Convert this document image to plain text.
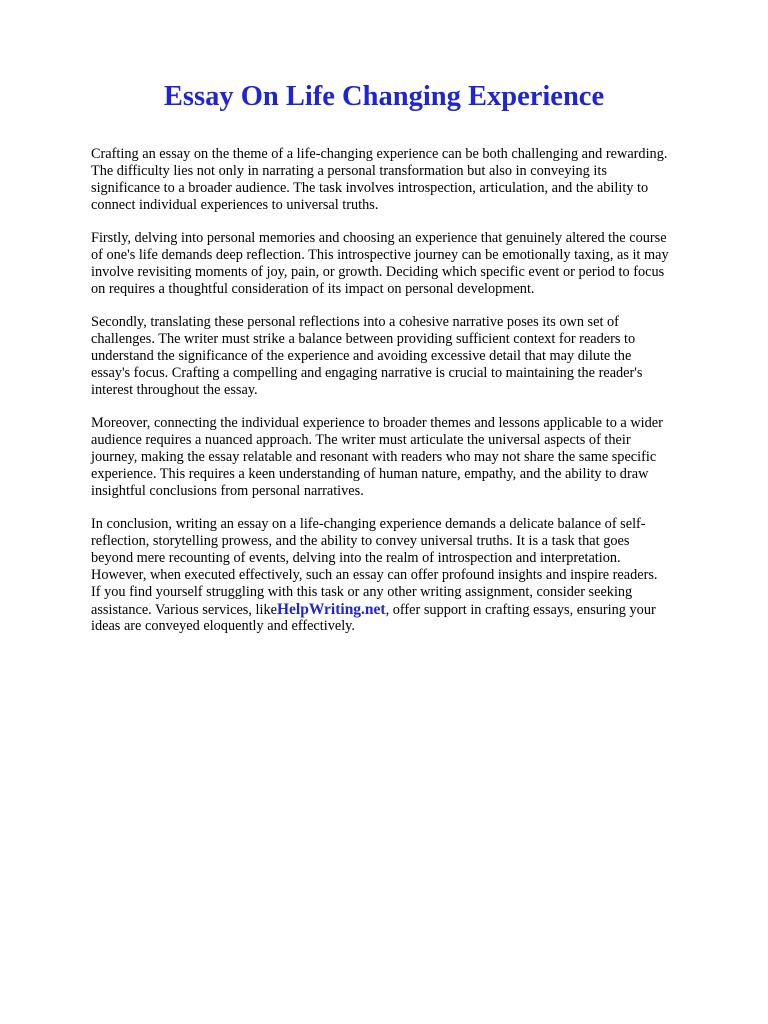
Essay On Life Changing Experience
Crafting an essay on the theme of a life-changing experience can be both challenging and rewarding.
The difficulty lies not only in narrating a personal transformation but also in conveying its
significance to a broader audience. The task involves introspection, articulation, and the ability to
connect individual experiences to universal truths.
Firstly, delving into personal memories and choosing an experience that genuinely altered the course
of one's life demands deep reflection. This introspective journey can be emotionally taxing, as it may
involve revisiting moments of joy, pain, or growth. Deciding which specific event or period to focus
on requires a thoughtful consideration of its impact on personal development.
Secondly, translating these personal reflections into a cohesive narrative poses its own set of
challenges. The writer must strike a balance between providing sufficient context for readers to
understand the significance of the experience and avoiding excessive detail that may dilute the
essay's focus. Crafting a compelling and engaging narrative is crucial to maintaining the reader's
interest throughout the essay.
Moreover, connecting the individual experience to broader themes and lessons applicable to a wider
audience requires a nuanced approach. The writer must articulate the universal aspects of their
journey, making the essay relatable and resonant with readers who may not share the same specific
experience. This requires a keen understanding of human nature, empathy, and the ability to draw
insightful conclusions from personal narratives.
In conclusion, writing an essay on a life-changing experience demands a delicate balance of self-
reflection, storytelling prowess, and the ability to convey universal truths. It is a task that goes
beyond mere recounting of events, delving into the realm of introspection and interpretation.
However, when executed effectively, such an essay can offer profound insights and inspire readers.
If you find yourself struggling with this task or any other writing assignment, consider seeking
assistance. Various services, likeHelpWriting.net, offer support in crafting essays, ensuring your
ideas are conveyed eloquently and effectively.
